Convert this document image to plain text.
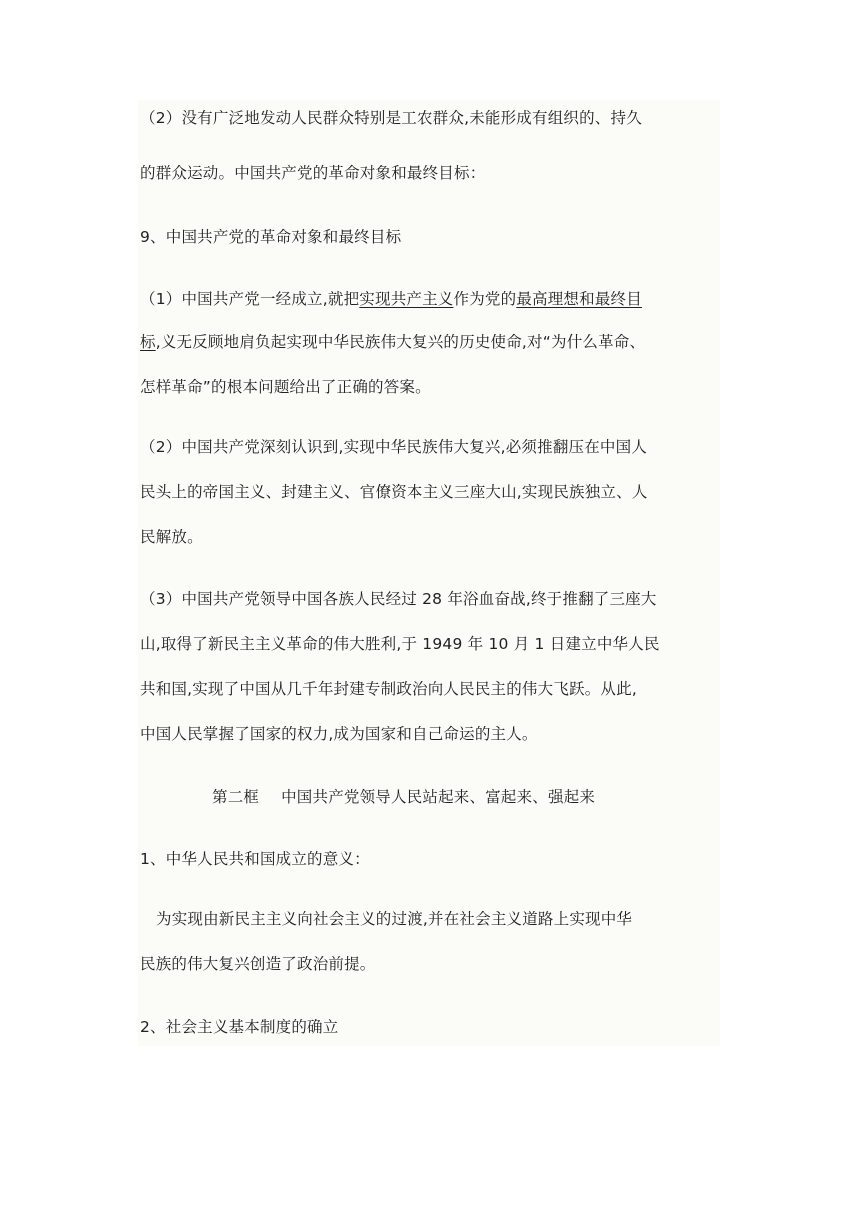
（2）没有广泛地发动人民群众特别是工农群众,未能形成有组织的、持久
的群众运动。中国共产党的革命对象和最终目标：
9、中国共产党的革命对象和最终目标
（1）中国共产党一经成立,就把实现共产主义作为党的最高理想和最终目
标,义无反顾地肩负起实现中华民族伟大复兴的历史使命,对“为什么革命、
怎样革命”的根本问题给出了正确的答案。
（2）中国共产党深刻认识到,实现中华民族伟大复兴,必须推翻压在中国人
民头上的帝国主义、封建主义、官僚资本主义三座大山,实现民族独立、人
民解放。
（3）中国共产党领导中国各族人民经过 28 年浴血奋战,终于推翻了三座大
山,取得了新民主主义革命的伟大胜利,于 1949 年 10 月 1 日建立中华人民
共和国,实现了中国从几千年封建专制政治向人民民主的伟大飞跃。从此,
中国人民掌握了国家的权力,成为国家和自己命运的主人。
第二框 中国共产党领导人民站起来、富起来、强起来
1、中华人民共和国成立的意义：
为实现由新民主主义向社会主义的过渡,并在社会主义道路上实现中华
民族的伟大复兴创造了政治前提。
2、社会主义基本制度的确立
